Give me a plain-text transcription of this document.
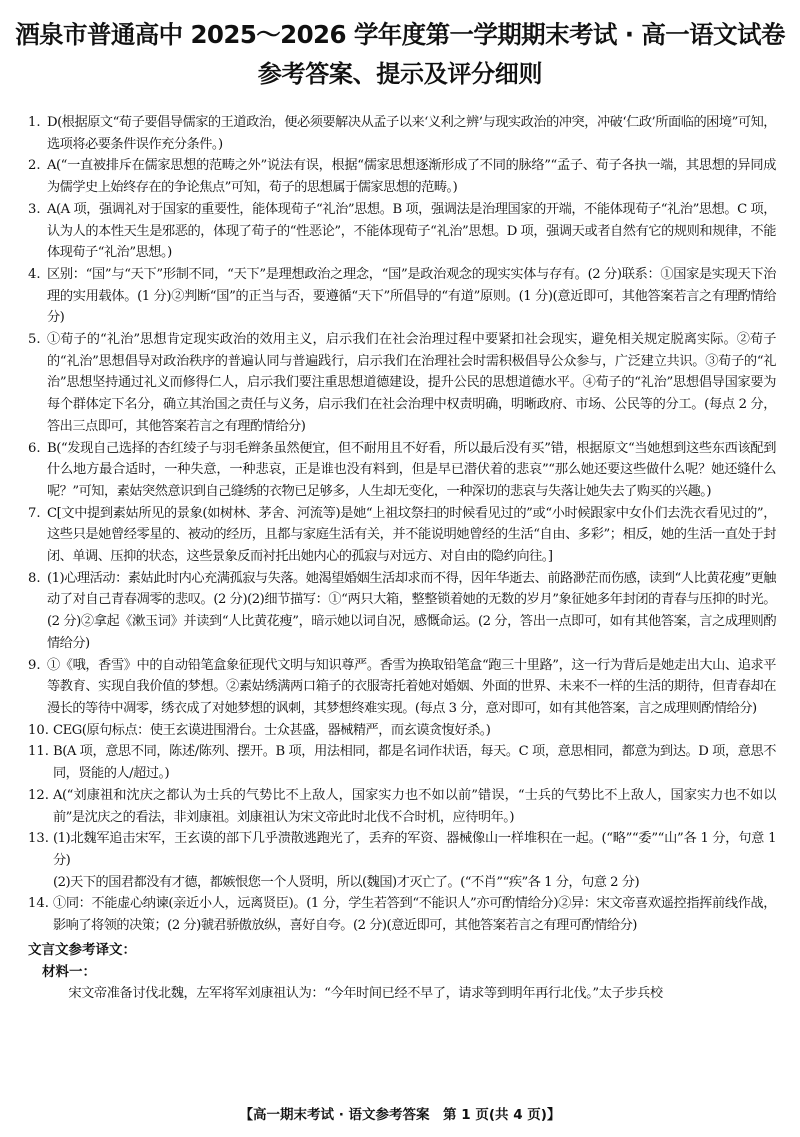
酒泉市普通高中 2025～2026 学年度第一学期期末考试 · 高一语文试卷
参考答案、提示及评分细则
1. D(根据原文“荀子要倡导儒家的王道政治，便必须要解决从孟子以来‘义利之辨’与现实政治的冲突，冲破‘仁政’所面临的困境”可知，选项将必要条件误作充分条件。)
2. A(“一直被排斥在儒家思想的范畴之外”说法有误，根据“儒家思想逐渐形成了不同的脉络”“孟子、荀子各执一端，其思想的异同成为儒学史上始终存在的争论焦点”可知，荀子的思想属于儒家思想的范畴。)
3. A(A 项，强调礼对于国家的重要性，能体现荀子“礼治”思想。B 项，强调法是治理国家的开端，不能体现荀子“礼治”思想。C 项，认为人的本性天生是邪恶的，体现了荀子的“性恶论”，不能体现荀子“礼治”思想。D 项，强调天或者自然有它的规则和规律，不能体现荀子“礼治”思想。)
4. 区别：“国”与“天下”形制不同，“天下”是理想政治之理念，“国”是政治观念的现实实体与存有。(2 分)联系：①国家是实现天下治理的实用载体。(1 分)②判断“国”的正当与否，要遵循“天下”所倡导的“有道”原则。(1 分)(意近即可，其他答案若言之有理酌情给分)
5. ①荀子的“礼治”思想肯定现实政治的效用主义，启示我们在社会治理过程中要紧扣社会现实，避免相关规定脱离实际。②荀子的“礼治”思想倡导对政治秩序的普遍认同与普遍践行，启示我们在治理社会时需积极倡导公众参与，广泛建立共识。③荀子的“礼治”思想坚持通过礼义而修得仁人，启示我们要注重思想道德建设，提升公民的思想道德水平。④荀子的“礼治”思想倡导国家要为每个群体定下名分，确立其治国之责任与义务，启示我们在社会治理中权责明确，明晰政府、市场、公民等的分工。(每点 2 分，答出三点即可，其他答案若言之有理酌情给分)
6. B(“发现自己选择的杏红绫子与羽毛辫条虽然便宜，但不耐用且不好看，所以最后没有买”错，根据原文“当她想到这些东西该配到什么地方最合适时，一种失意，一种悲哀，正是谁也没有料到，但是早已潜伏着的悲哀”“那么她还要这些做什么呢？她还缝什么呢？”可知，素姑突然意识到自己缝绣的衣物已足够多，人生却无变化，一种深切的悲哀与失落让她失去了购买的兴趣。)
7. C[文中提到素姑所见的景象(如树林、茅舍、河流等)是她“上祖坟祭扫的时候看见过的”或“小时候跟家中女仆们去洗衣看见过的”，这些只是她曾经零星的、被动的经历，且都与家庭生活有关，并不能说明她曾经的生活“自由、多彩”；相反，她的生活一直处于封闭、单调、压抑的状态，这些景象反而衬托出她内心的孤寂与对远方、对自由的隐约向往。]
8. (1)心理活动：素姑此时内心充满孤寂与失落。她渴望婚姻生活却求而不得，因年华逝去、前路渺茫而伤感，读到“人比黄花瘦”更触动了对自己青春凋零的悲叹。(2 分)(2)细节描写：①“两只大箱，整整锁着她的无数的岁月”象征她多年封闭的青春与压抑的时光。(2 分)②拿起《漱玉词》并读到“人比黄花瘦”，暗示她以词自况，感慨命运。(2 分，答出一点即可，如有其他答案，言之成理则酌情给分)
9. ①《哦，香雪》中的自动铅笔盒象征现代文明与知识尊严。香雪为换取铅笔盒“跑三十里路”，这一行为背后是她走出大山、追求平等教育、实现自我价值的梦想。②素姑绣满两口箱子的衣服寄托着她对婚姻、外面的世界、未来不一样的生活的期待，但青春却在漫长的等待中凋零，绣衣成了对她梦想的讽刺，其梦想终难实现。(每点 3 分，意对即可，如有其他答案，言之成理则酌情给分)
10. CEG(原句标点：使王玄谟进围滑台。士众甚盛，器械精严，而玄谟贪愎好杀。)
11. B(A 项，意思不同，陈述/陈列、摆开。B 项，用法相同，都是名词作状语，每天。C 项，意思相同，都意为到达。D 项，意思不同，贤能的人/超过。)
12. A(“刘康祖和沈庆之都认为士兵的气势比不上敌人，国家实力也不如以前”错误，“士兵的气势比不上敌人，国家实力也不如以前”是沈庆之的看法，非刘康祖。刘康祖认为宋文帝此时北伐不合时机，应待明年。)
13. (1)北魏军追击宋军，王玄谟的部下几乎溃散逃跑光了，丢弃的军资、器械像山一样堆积在一起。(“略”“委”“山”各 1 分，句意 1 分)
(2)天下的国君都没有才德，都嫉恨您一个人贤明，所以(魏国)才灭亡了。(“不肖”“疾”各 1 分，句意 2 分)
14. ①同：不能虚心纳谏(亲近小人，远离贤臣)。(1 分，学生若答到“不能识人”亦可酌情给分)②异：宋文帝喜欢遥控指挥前线作战，影响了将领的决策；(2 分)虢君骄傲放纵，喜好自夸。(2 分)(意近即可，其他答案若言之有理可酌情给分)
文言文参考译文：
材料一：
宋文帝准备讨伐北魏，左军将军刘康祖认为：“今年时间已经不早了，请求等到明年再行北伐。”太子步兵校
【高一期末考试 · 语文参考答案　第 1 页(共 4 页)】
